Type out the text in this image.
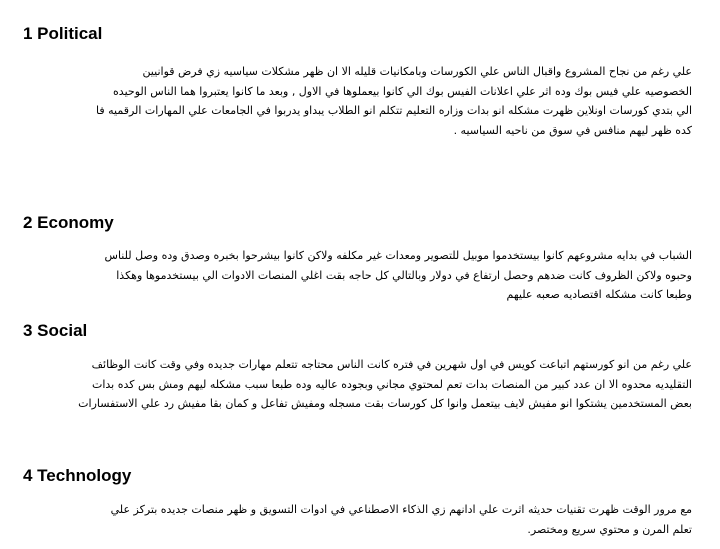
1 Political
علي رغم من نجاح المشروع واقبال الناس علي الكورسات وبامكانيات قليله الا ان ظهر مشكلات سياسيه زي فرض قوانيين
الخصوصيه علي فيس بوك وده اثر علي اعلانات الفيس بوك الي كانوا بيعملوها في الاول , وبعد ما كانوا يعتبروا هما الناس الوحيده
الي بتدي كورسات اونلاين ظهرت مشكله انو بدات وزاره التعليم تتكلم انو الطلاب يبداو يدربوا في الجامعات علي المهارات الرقميه فا
كده ظهر ليهم منافس في سوق من ناحيه السياسيه .
2 Economy
الشباب في بدايه مشروعهم كانوا بيستخدموا موبيل للتصوير ومعدات غير مكلفه ولاكن كانوا بيشرحوا بخبره وصدق وده وصل للناس
وحبوه ولاكن الظروف كانت ضدهم وحصل ارتفاع في دولار وبالتالي كل حاجه بقت اغلي المنصات الادوات الي بيستخدموها وهكذا
وطبعا كانت مشكله اقتصاديه صعبه عليهم
3 Social
علي رغم من انو كورستهم اتباعت كويس في اول شهرين في فتره كانت الناس محتاجه تتعلم مهارات جديده وفي وقت كانت الوظائف
التقليديه محدوه الا ان عدد كبير من المنصات بدات تعم لمحتوي مجاني وبجوده عاليه وده طبعا سبب مشكله ليهم ومش بس كده بدات
بعض المستخدمين يشتكوا انو مفيش لايف بيتعمل وانوا كل كورسات بقت مسجله ومفيش تفاعل و كمان بقا مفيش رد علي الاستفسارات
4 Technology
مع مرور الوقت ظهرت تقنيات حديثه اثرت علي ادانهم زي الذكاء الاصطناعي في ادوات التسويق و ظهر منصات جديده بتركز علي
تعلم المرن و محتوي سريع ومختصر.
